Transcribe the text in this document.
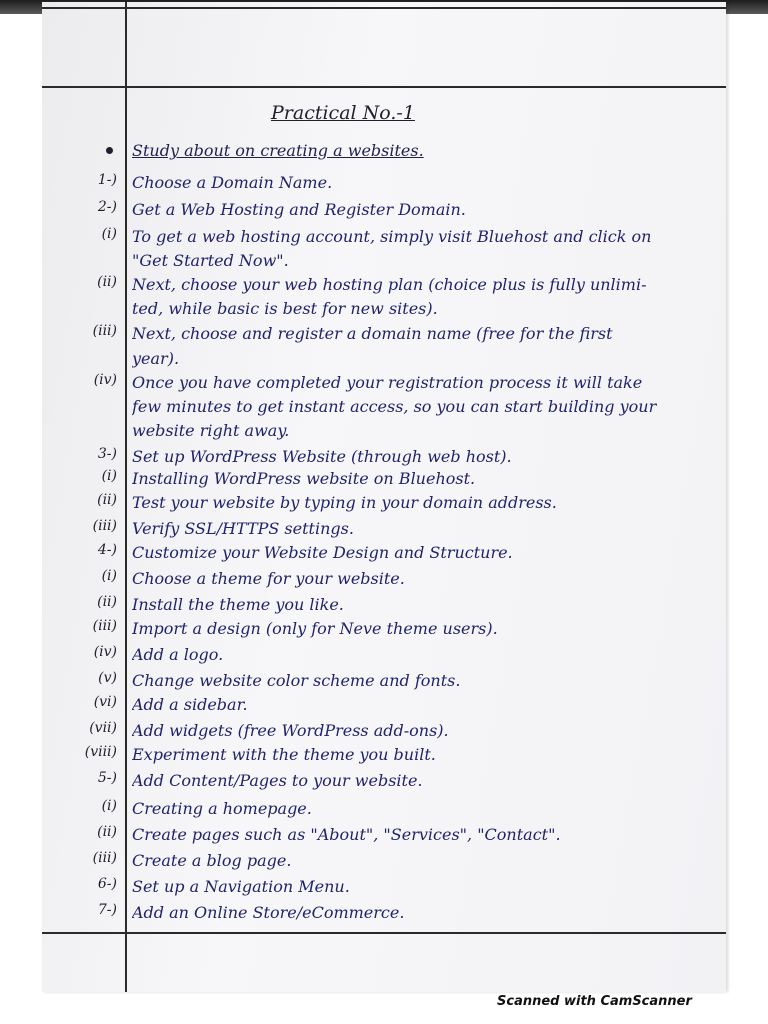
Practical No.-1
Study about on creating a websites.
1-) Choose a Domain Name.
2-) Get a Web Hosting and Register Domain.
(i) To get a web hosting account, simply visit Bluehost and click on
"Get Started Now".
(ii) Next, choose your web hosting plan (choice plus is fully unlimi-
ted, while basic is best for new sites).
(iii) Next, choose and register a domain name (free for the first
year).
(iv) Once you have completed your registration process it will take
few minutes to get instant access, so you can start building your
website right away.
3-) Set up WordPress Website (through web host).
(i) Installing WordPress website on Bluehost.
(ii) Test your website by typing in your domain address.
(iii) Verify SSL/HTTPS settings.
4-) Customize your Website Design and Structure.
(i) Choose a theme for your website.
(ii) Install the theme you like.
(iii) Import a design (only for Neve theme users).
(iv) Add a logo.
(v) Change website color scheme and fonts.
(vi) Add a sidebar.
(vii) Add widgets (free WordPress add-ons).
(viii) Experiment with the theme you built.
5-) Add Content/Pages to your website.
(i) Creating a homepage.
(ii) Create pages such as "About", "Services", "Contact".
(iii) Create a blog page.
6-) Set up a Navigation Menu.
7-) Add an Online Store/eCommerce.
Scanned with CamScanner
